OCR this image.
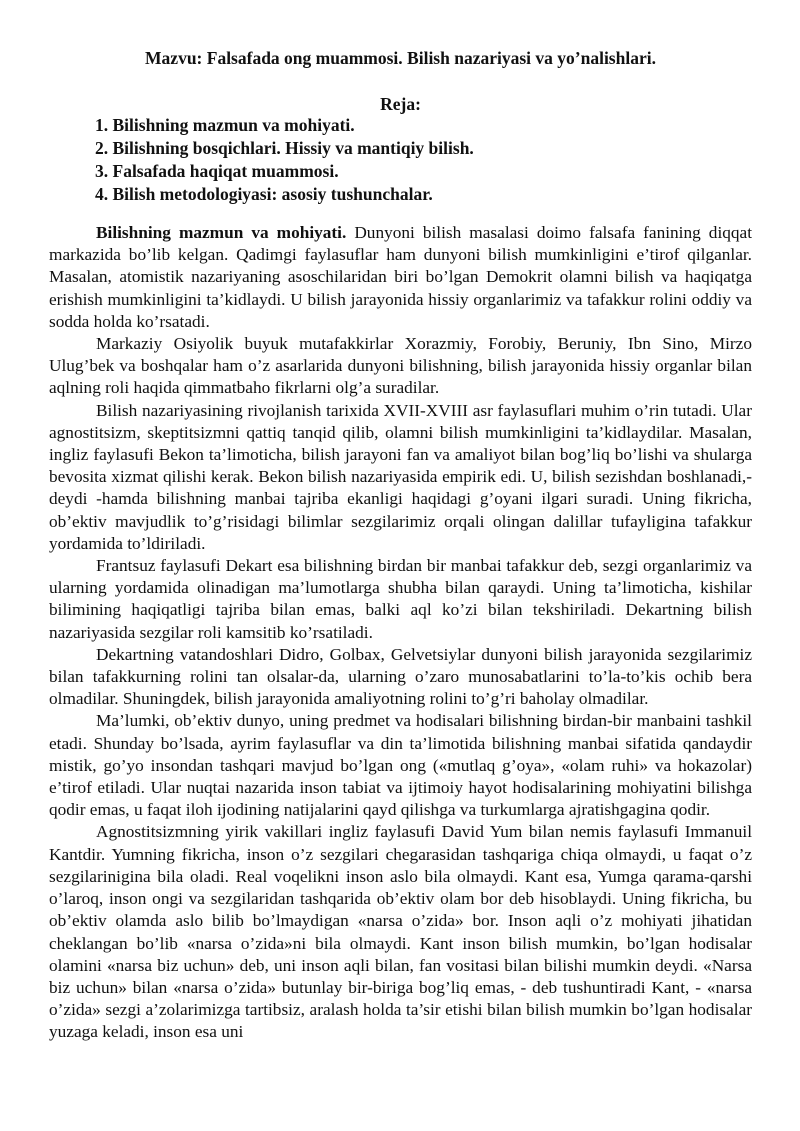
Mazvu: Falsafada ong muammosi. Bilish nazariyasi va yo’nalishlari.
Reja:
1. Bilishning mazmun va mohiyati.
2. Bilishning bosqichlari. Hissiy va mantiqiy bilish.
3. Falsafada haqiqat muammosi.
4. Bilish metodologiyasi: asosiy tushunchalar.

Bilishning mazmun va mohiyati. Dunyoni bilish masalasi doimo falsafa fanining diqqat markazida bo’lib kelgan. Qadimgi faylasuflar ham dunyoni bilish mumkinligini e’tirof qilganlar. Masalan, atomistik nazariyaning asoschilaridan biri bo’lgan Demokrit olamni bilish va haqiqatga erishish mumkinligini ta’kidlaydi. U bilish jarayonida hissiy organlarimiz va tafakkur rolini oddiy va sodda holda ko’rsatadi.

Markaziy Osiyolik buyuk mutafakkirlar Xorazmiy, Forobiy, Beruniy, Ibn Sino, Mirzo Ulug’bek va boshqalar ham o’z asarlarida dunyoni bilishning, bilish jarayonida hissiy organlar bilan aqlning roli haqida qimmatbaho fikrlarni olg’a suradilar.

Bilish nazariyasining rivojlanish tarixida XVII-XVIII asr faylasuflari muhim o’rin tutadi. Ular agnostitsizm, skeptitsizmni qattiq tanqid qilib, olamni bilish mumkinligini ta’kidlaydilar. Masalan, ingliz faylasufi Bekon ta’limoticha, bilish jarayoni fan va amaliyot bilan bog’liq bo’lishi va shularga bevosita xizmat qilishi kerak. Bekon bilish nazariyasida empirik edi. U, bilish sezishdan boshlanadi,- deydi -hamda bilishning manbai tajriba ekanligi haqidagi g’oyani ilgari suradi. Uning fikricha, ob’ektiv mavjudlik to’g’risidagi bilimlar sezgilarimiz orqali olingan dalillar tufayligina tafakkur yordamida to’ldiriladi.

Frantsuz faylasufi Dekart esa bilishning birdan bir manbai tafakkur deb, sezgi organlarimiz va ularning yordamida olinadigan ma’lumotlarga shubha bilan qaraydi. Uning ta’limoticha, kishilar bilimining haqiqatligi tajriba bilan emas, balki aql ko’zi bilan tekshiriladi. Dekartning bilish nazariyasida sezgilar roli kamsitib ko’rsatiladi.

Dekartning vatandoshlari Didro, Golbax, Gelvetsiylar dunyoni bilish jarayonida sezgilarimiz bilan tafakkurning rolini tan olsalar-da, ularning o’zaro munosabatlarini to’la-to’kis ochib bera olmadilar. Shuningdek, bilish jarayonida amaliyotning rolini to’g’ri baholay olmadilar.

Ma’lumki, ob’ektiv dunyo, uning predmet va hodisalari bilishning birdan-bir manbaini tashkil etadi. Shunday bo’lsada, ayrim faylasuflar va din ta’limotida bilishning manbai sifatida qandaydir mistik, go’yo insondan tashqari mavjud bo’lgan ong («mutlaq g’oya», «olam ruhi» va hokazolar) e’tirof etiladi. Ular nuqtai nazarida inson tabiat va ijtimoiy hayot hodisalarining mohiyatini bilishga qodir emas, u faqat iloh ijodining natijalarini qayd qilishga va turkumlarga ajratishgagina qodir.

Agnostitsizmning yirik vakillari ingliz faylasufi David Yum bilan nemis faylasufi Immanuil Kantdir. Yumning fikricha, inson o’z sezgilari chegarasidan tashqariga chiqa olmaydi, u faqat o’z sezgilarinigina bila oladi. Real voqelikni inson aslo bila olmaydi. Kant esa, Yumga qarama-qarshi o’laroq, inson ongi va sezgilaridan tashqarida ob’ektiv olam bor deb hisoblaydi. Uning fikricha, bu ob’ektiv olamda aslo bilib bo’lmaydigan «narsa o’zida» bor. Inson aqli o’z mohiyati jihatidan cheklangan bo’lib «narsa o’zida»ni bila olmaydi. Kant inson bilish mumkin, bo’lgan hodisalar olamini «narsa biz uchun» deb, uni inson aqli bilan, fan vositasi bilan bilishi mumkin deydi. «Narsa biz uchun» bilan «narsa o’zida» butunlay bir-biriga bog’liq emas, - deb tushuntiradi Kant, - «narsa o’zida» sezgi a’zolarimizga tartibsiz, aralash holda ta’sir etishi bilan bilish mumkin bo’lgan hodisalar yuzaga keladi, inson esa uni
